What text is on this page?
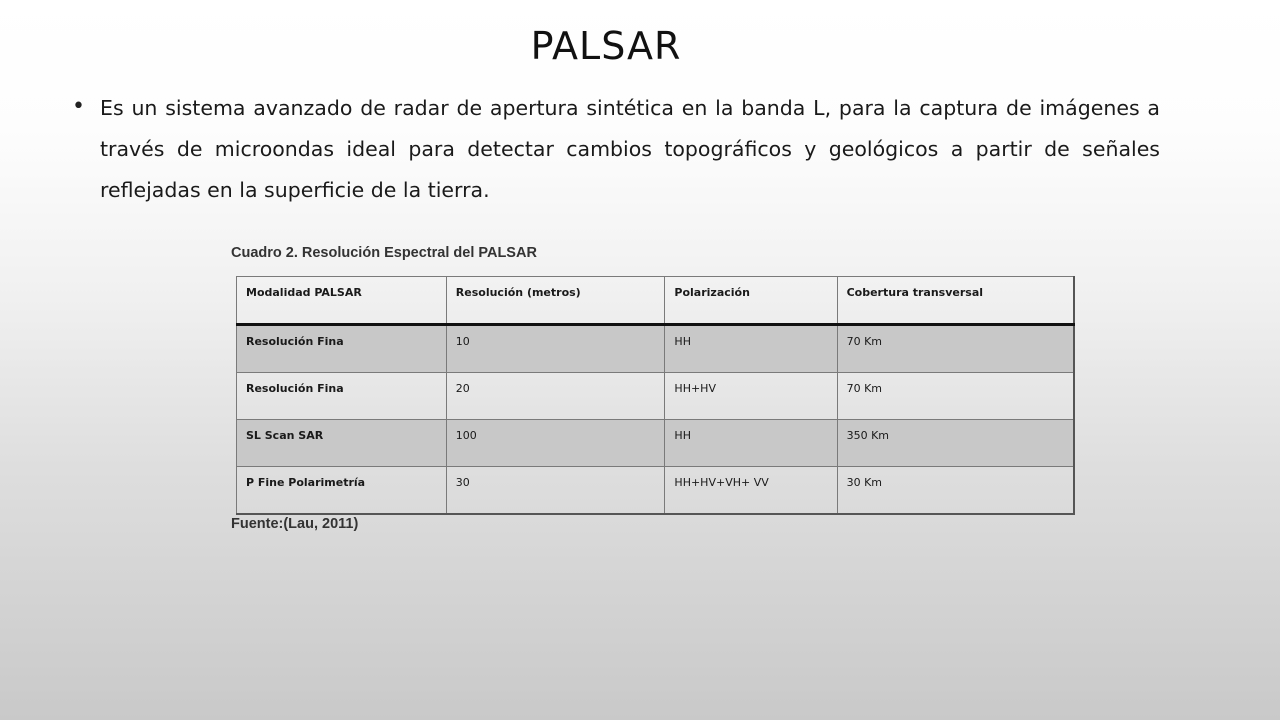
PALSAR
• Es un sistema avanzado de radar de apertura sintética en la banda L, para la captura de imágenes a través de microondas ideal para detectar cambios topográficos y geológicos a partir de señales reflejadas en la superficie de la tierra.
Cuadro 2. Resolución Espectral del PALSAR
Modalidad PALSAR	Resolución (metros)	Polarización	Cobertura transversal
Resolución Fina	10	HH	70 Km
Resolución Fina	20	HH+HV	70 Km
SL Scan SAR	100	HH	350 Km
P Fine Polarimetría	30	HH+HV+VH+ VV	30 Km
Fuente:(Lau, 2011)
